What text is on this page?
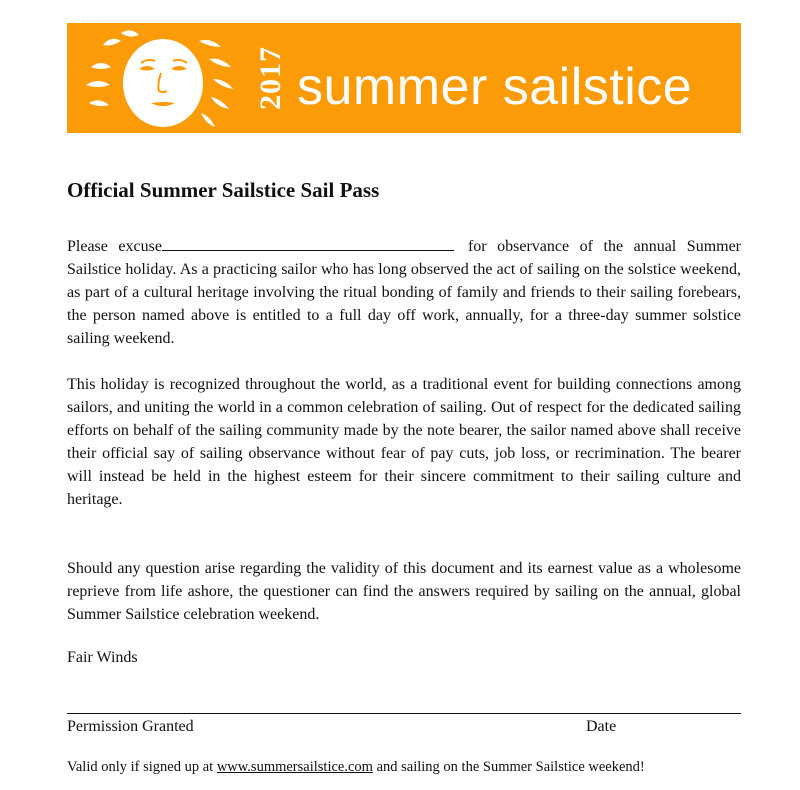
2017 summer sailstice
Official Summer Sailstice Sail Pass

Please excuse	for observance of the annual Summer Sailstice holiday. As a practicing sailor who has long observed the act of sailing on the solstice weekend, as part of a cultural heritage involving the ritual bonding of family and friends to their sailing forebears, the person named above is entitled to a full day off work, annually, for a three-day summer solstice sailing weekend.

This holiday is recognized throughout the world, as a traditional event for building connections among sailors, and uniting the world in a common celebration of sailing. Out of respect for the dedicated sailing efforts on behalf of the sailing community made by the note bearer, the sailor named above shall receive their official say of sailing observance without fear of pay cuts, job loss, or recrimination. The bearer will instead be held in the highest esteem for their sincere commitment to their sailing culture and heritage.

Should any question arise regarding the validity of this document and its earnest value as a wholesome reprieve from life ashore, the questioner can find the answers required by sailing on the annual, global Summer Sailstice celebration weekend.

Fair Winds
Permission Granted	Date
Valid only if signed up at www.summersailstice.com and sailing on the Summer Sailstice weekend!
